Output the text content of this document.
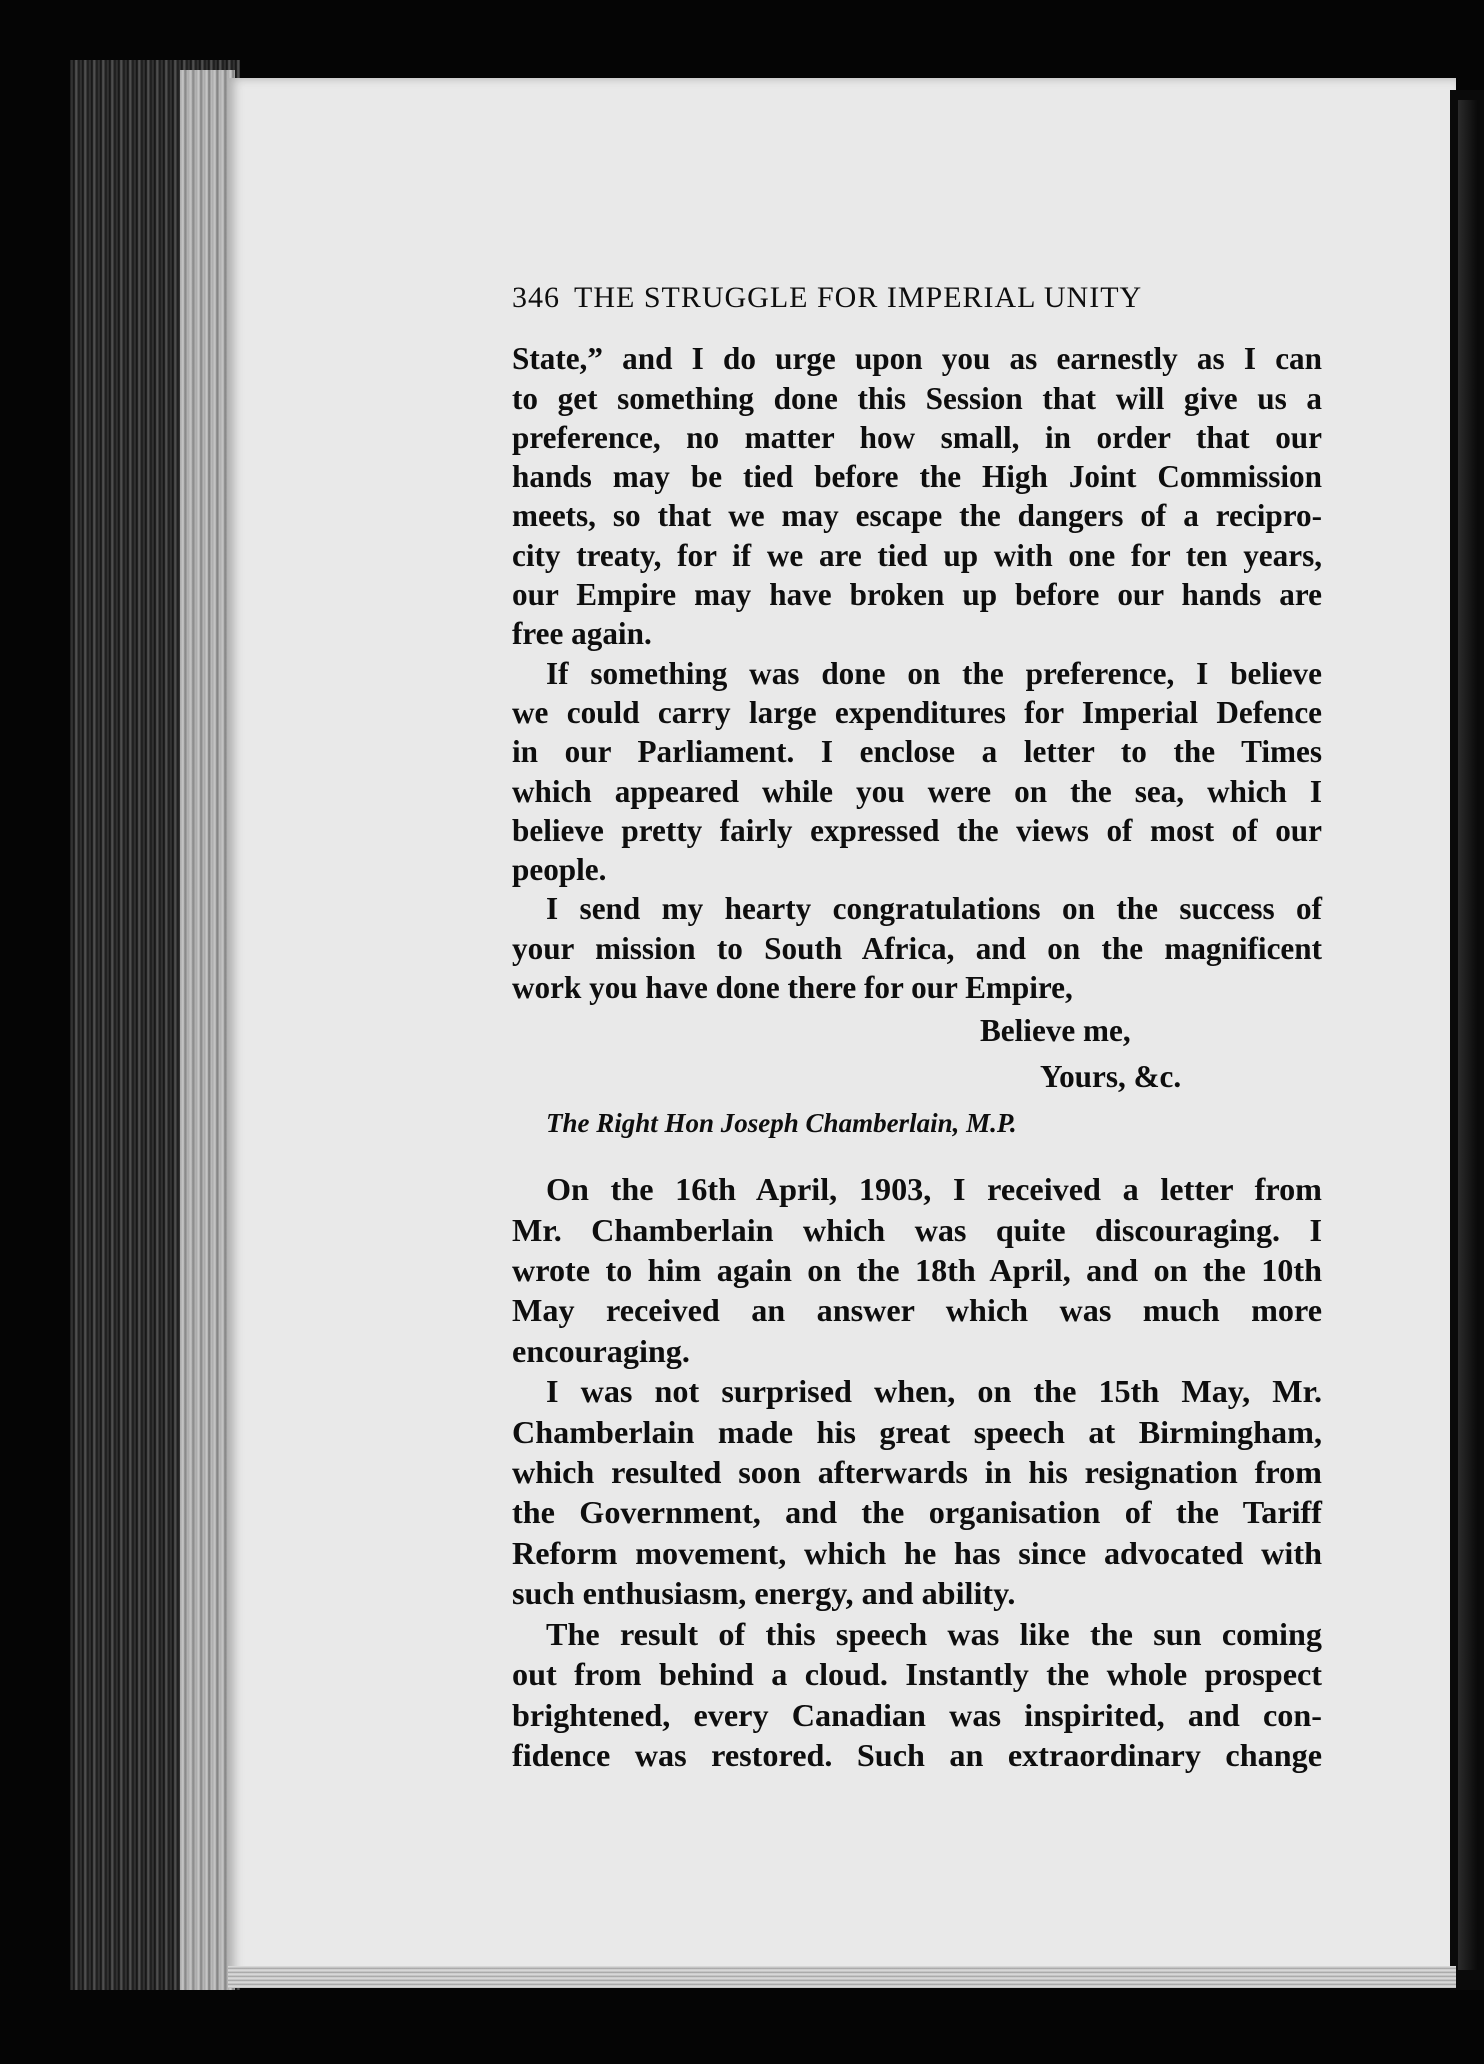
346 THE STRUGGLE FOR IMPERIAL UNITY
State,” and I do urge upon you as earnestly as I can
to get something done this Session that will give us a
preference, no matter how small, in order that our
hands may be tied before the High Joint Commission
meets, so that we may escape the dangers of a recipro-
city treaty, for if we are tied up with one for ten years,
our Empire may have broken up before our hands are
free again.
If something was done on the preference, I believe
we could carry large expenditures for Imperial Defence
in our Parliament. I enclose a letter to the Times
which appeared while you were on the sea, which I
believe pretty fairly expressed the views of most of our
people.
I send my hearty congratulations on the success of
your mission to South Africa, and on the magnificent
work you have done there for our Empire,
Believe me,
Yours, &c.
The Right Hon Joseph Chamberlain, M.P.
On the 16th April, 1903, I received a letter from
Mr. Chamberlain which was quite discouraging. I
wrote to him again on the 18th April, and on the 10th
May received an answer which was much more
encouraging.
I was not surprised when, on the 15th May, Mr.
Chamberlain made his great speech at Birmingham,
which resulted soon afterwards in his resignation from
the Government, and the organisation of the Tariff
Reform movement, which he has since advocated with
such enthusiasm, energy, and ability.
The result of this speech was like the sun coming
out from behind a cloud. Instantly the whole prospect
brightened, every Canadian was inspirited, and con-
fidence was restored. Such an extraordinary change
